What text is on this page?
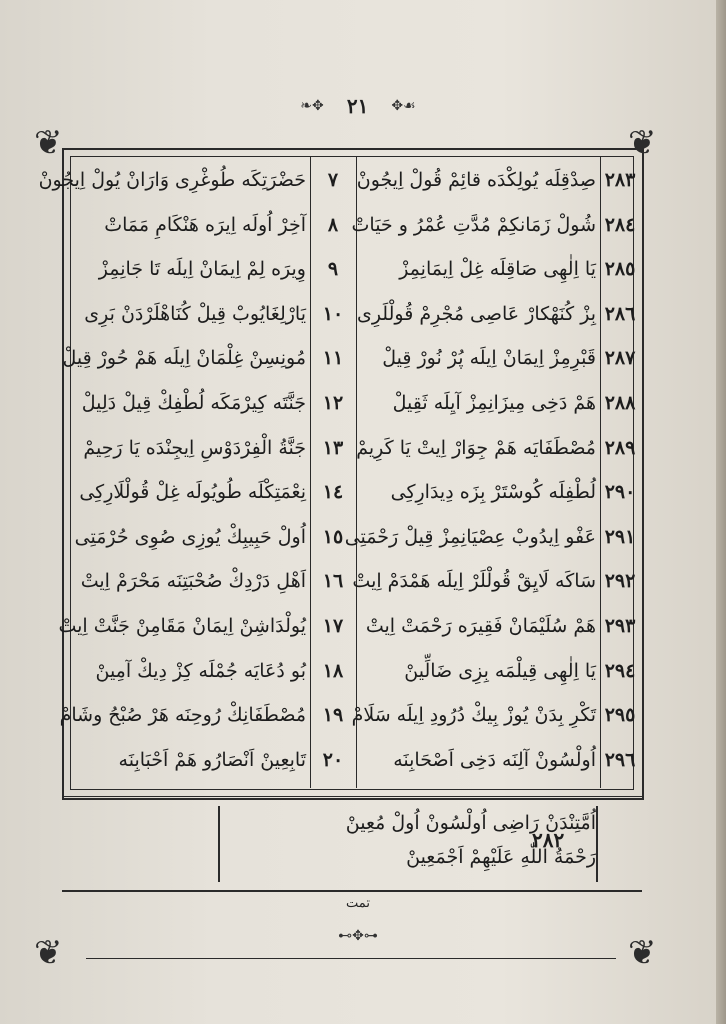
❧✥ ٢١ ✥☙
❦	❦
❦	❦
٢٨٣
صِدْقِلَه يُولِكْدَه قائِمْ قُولْ اِيجُونْ
٢٨٤
شُولْ زَمَانكِمْ مُدَّتِ عُمْرُ و حَيَاتْ
٢٨٥
يَا اِلٰهِى صَاقِلَه غِلْ اِيمَانِمِزْ
٢٨٦
بِزْ كُنَهْكارْ عَاصِى مُجْرِمْ قُولْلَرِى
٢٨٧
قَبْرِمِزْ اِيمَانْ اِيلَه پُرْ نُورْ قِيلْ
٢٨٨
هَمْ دَخِى مِيزَانِمِزْ آيِلَه ثَقِيلْ
٢٨٩
مُصْطَفَايَه هَمْ جِوَارْ اِيتْ يَا كَرِيمْ
٢٩٠
لُطْفِلَه كُوسْتَرْ بِزَه دِيدَارِكِى
٢٩١
عَفْو اِيدُوبْ عِصْيَانِمِزْ قِيلْ رَحْمَتِى
٢٩٢
سَاكَه لَايِقْ قُولْلَرْ اِيلَه هَمْدَمْ اِيتْ
٢٩٣
هَمْ سُلَيْمَانْ فَقِيرَه رَحْمَتْ اِيتْ
٢٩٤
يَا اِلٰهِى قِيلْمَه بِزِى ضَالِّينْ
٢٩٥
تَكْرِ بِدَنْ يُوزْ بِيكْ دُرُودِ اِيلَه سَلَامْ
٢٩٦
اُولْسُونْ آلِنَه دَخِى اَصْحَابِنَه
٧
حَضْرَتِكَه طُوغْرِى وَارَانْ يُولْ اِيجُونْ
٨
آخِرْ اُولَه اِيرَه هَنْكَامِ مَمَاتْ
٩
وِيرَه لِمْ اِيمَانْ اِيلَه تَا جَانِمِزْ
١٠
يَارْلِغَايُوبْ قِيلْ كُنَاهْلَرْدَنْ بَرِى
١١
مُونِسِنْ غِلْمَانْ اِيلَه هَمْ حُورْ قِيلْ
١٢
جَنَّتَه كِيرْمَكَه لُطْفِكْ قِيلْ دَلِيلْ
١٣
جَنَّةُ الْفِرْدَوْسِ اِيجِنْدَه يَا رَحِيمْ
١٤
نِعْمَتِكْلَه طُويُولَه غِلْ قُولْلَارِكِى
١٥
اُولْ حَبِيبِكْ يُوزِى صُوِى حُرْمَتِى
١٦
اَهْلِ دَرْدِكْ صُحْبَتِنَه مَحْرَمْ اِيتْ
١٧
يُولْدَاشِنْ اِيمَانْ مَقَامِنْ جَنَّتْ اِيتْ
١٨
بُو دُعَايَه جُمْلَه كِزْ دِيكْ آمِينْ
١٩
مُصْطَفَانِكْ رُوحِنَه هَرْ صُبْحُ وشَامْ
٢٠
تَابِعِينْ اَنْصَارُو هَمْ اَحْبَابِنَه
اُمَّتِنْدَنْ رَاضِى اُولْسُونْ اُولْ مُعِينْ
رَحْمَةُ اللّٰهِ عَلَيْهِمْ اَجْمَعِينْ
٢٨٢
تمت
⊷✥⊶
